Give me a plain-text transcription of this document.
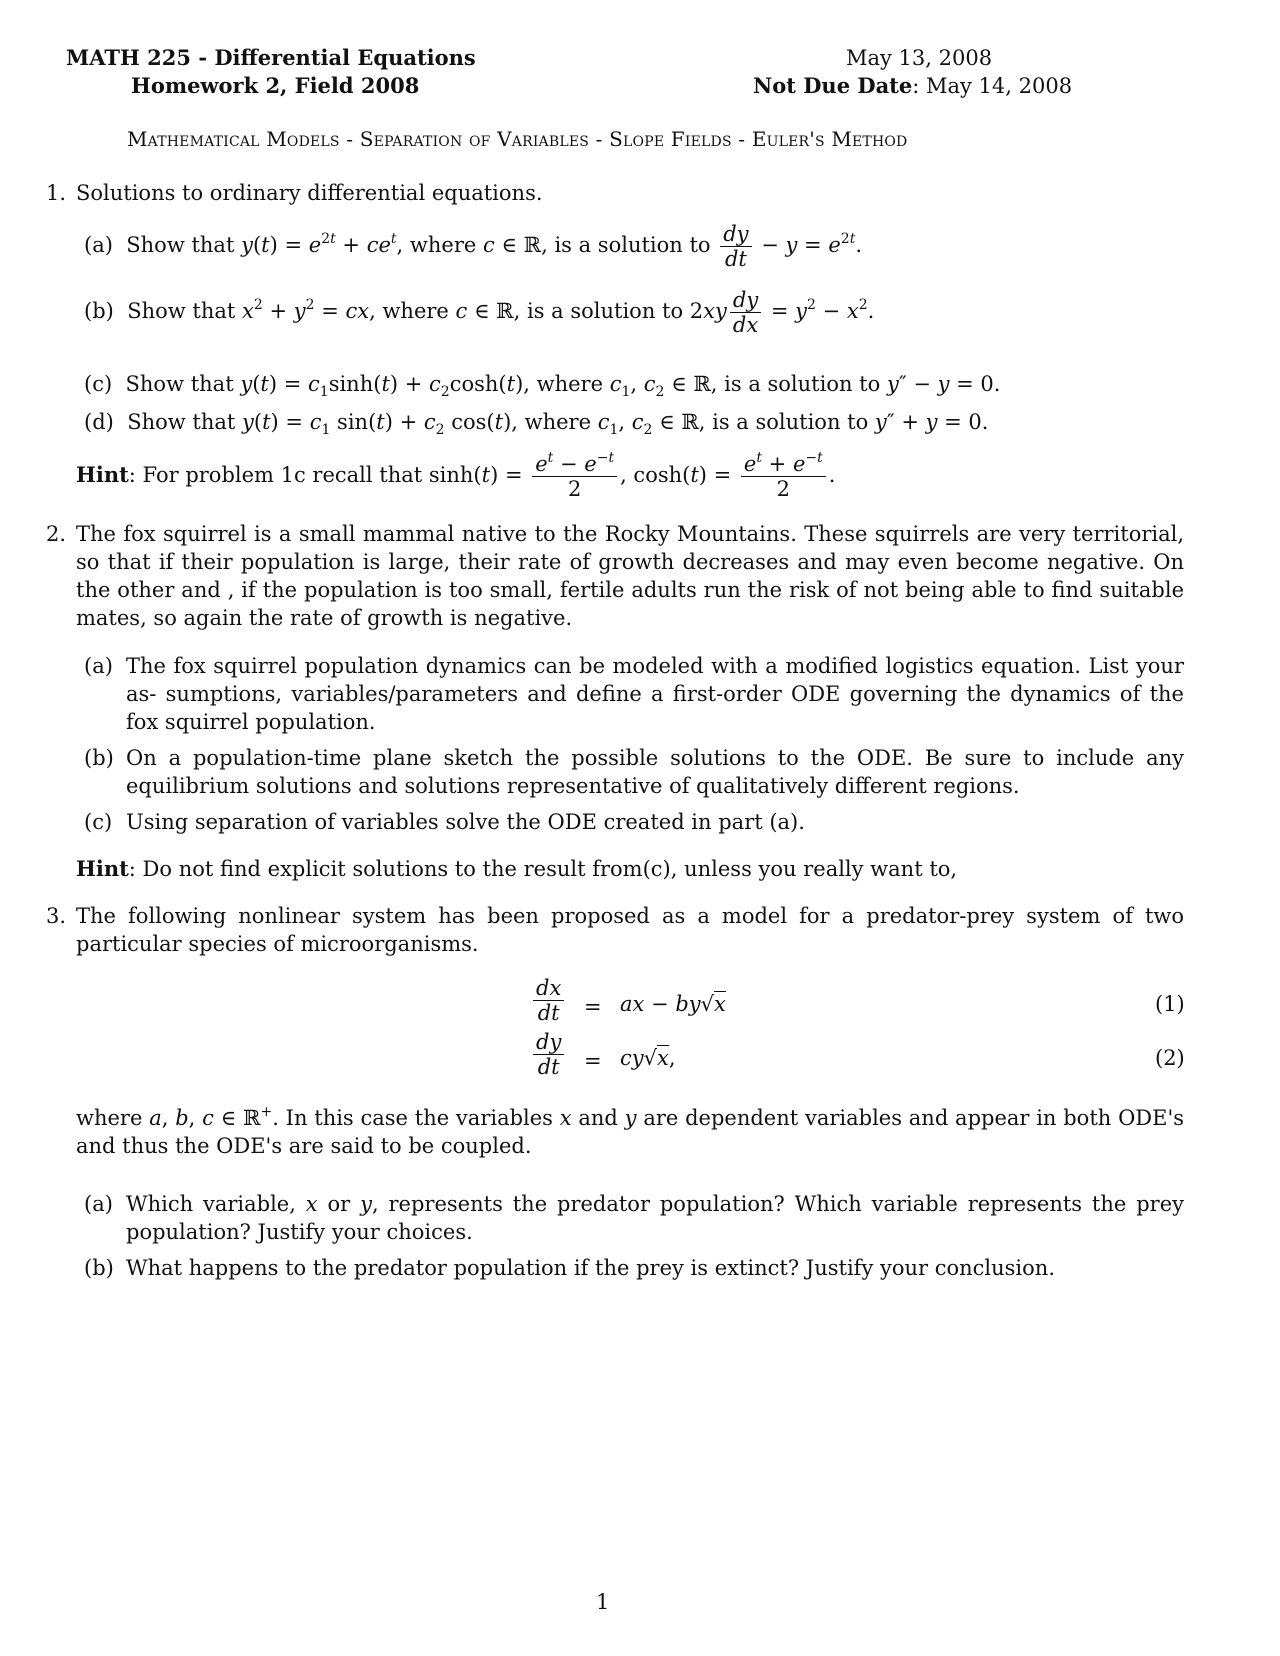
MATH 225 - Differential Equations
Homework 2, Field 2008
May 13, 2008
Not Due Date: May 14, 2008
Mathematical Models - Separation of Variables - Slope Fields - Euler's Method
1. Solutions to ordinary differential equations.
(a) Show that $y(t) = e^{2t} + ce^t$, where c ∈ ℝ, is a solution to $\frac{dy}{dt} - y = e^{2t}$.
(b) Show that $x^2 + y^2$ = cx, where c ∈ ℝ, is a solution to $2xy \frac{dy}{dx} = y^2 - x^2$.
(c) Show that $y(t) = c_1\sinh(t) + c_2\cosh(t)$, where $c_1$, $c_2$ ∈ ℝ, is a solution to y″ − y = 0.
(d) Show that $y(t) = c_1$ $\sin(t) + c_2$ cos(t), where $c_1$, $c_2$ ∈ ℝ, is a solution to y″ + y = 0.
Hint: For problem 1c recall that $\sinh(t) = \frac{e^t - e^{-t}}{2}$ , $\cosh(t) = \frac{e^t + e^{-t}}{2}$ .
2. The fox squirrel is a small mammal native to the Rocky Mountains. These squirrels are very territorial, so that if their population is large, their rate of growth decreases and may even become negative. On the other and , if the population is too small, fertile adults run the risk of not being able to find suitable mates, so again the rate of growth is negative.
(a) The fox squirrel population dynamics can be modeled with a modified logistics equation. List your as- sumptions, variables/parameters and define a first-order ODE governing the dynamics of the fox squirrel population.
(b) On a population-time plane sketch the possible solutions to the ODE. Be sure to include any equilibrium solutions and solutions representative of qualitatively different regions.
(c) Using separation of variables solve the ODE created in part (a).
Hint: Do not find explicit solutions to the result from(c), unless you really want to,
3. The following nonlinear system has been proposed as a model for a predator-prey system of two particular species of microorganisms.
$\frac{dx}{dt}$ = ax − by√x	(1)
$\frac{dy}{dt} = cy√x$,	(2)
where a, b, c ∈ ℝ+. In this case the variables x and y are dependent variables and appear in both ODE's and thus the ODE's are said to be coupled.
(a) Which variable, x or y, represents the predator population? Which variable represents the prey population? Justify your choices.
(b) What happens to the predator population if the prey is extinct? Justify your conclusion.
1
